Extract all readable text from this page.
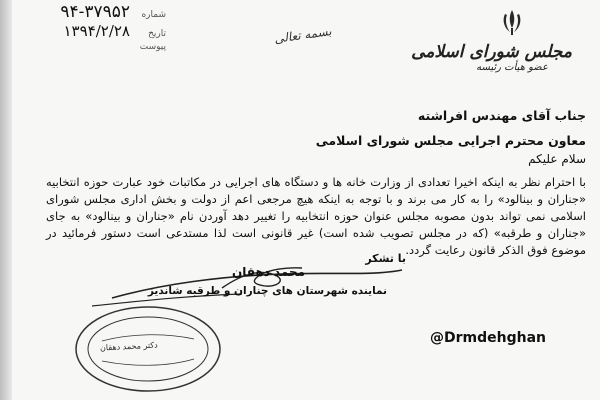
مجلس شورای اسلامی
عضو هیأت رئیسه
بسمه تعالی
شماره
۹۴-۳۷۹۵۲
تاریخ
۱۳۹۴/۲/۲۸
پیوست
جناب آقای مهندس افراشته
معاون محترم اجرایی مجلس شورای اسلامی
سلام علیکم
با احترام نظر به اینکه اخیرا تعدادی از وزارت خانه ها و دستگاه های اجرایی در مکاتبات خود عبارت حوزه انتخابیه «جناران و بینالود» را به کار می برند و با توجه به اینکه هیچ مرجعی اعم از دولت و بخش اداری مجلس شورای اسلامی نمی تواند بدون مصوبه مجلس عنوان حوزه انتخابیه را تغییر دهد آوردن نام «جناران و بینالود» به جای «جناران و طرقبه» (که در مجلس تصویب شده است) غیر قانونی است لذا مستدعی است دستور فرمائید در موضوع فوق الذکر قانون رعایت گردد.
با تشکر
محمد دهقان
نماینده شهرستان های چناران و طرقبه شاندیز
دکتر محمد دهقان
@Drmdehghan
